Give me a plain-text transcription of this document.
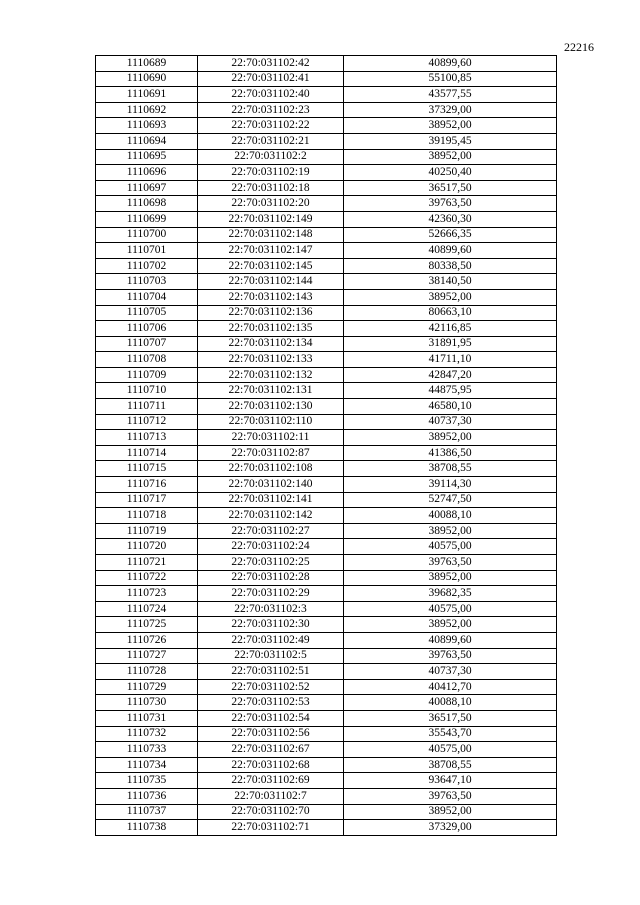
22216
1110689	22:70:031102:42	40899,60
1110690	22:70:031102:41	55100,85
1110691	22:70:031102:40	43577,55
1110692	22:70:031102:23	37329,00
1110693	22:70:031102:22	38952,00
1110694	22:70:031102:21	39195,45
1110695	22:70:031102:2	38952,00
1110696	22:70:031102:19	40250,40
1110697	22:70:031102:18	36517,50
1110698	22:70:031102:20	39763,50
1110699	22:70:031102:149	42360,30
1110700	22:70:031102:148	52666,35
1110701	22:70:031102:147	40899,60
1110702	22:70:031102:145	80338,50
1110703	22:70:031102:144	38140,50
1110704	22:70:031102:143	38952,00
1110705	22:70:031102:136	80663,10
1110706	22:70:031102:135	42116,85
1110707	22:70:031102:134	31891,95
1110708	22:70:031102:133	41711,10
1110709	22:70:031102:132	42847,20
1110710	22:70:031102:131	44875,95
1110711	22:70:031102:130	46580,10
1110712	22:70:031102:110	40737,30
1110713	22:70:031102:11	38952,00
1110714	22:70:031102:87	41386,50
1110715	22:70:031102:108	38708,55
1110716	22:70:031102:140	39114,30
1110717	22:70:031102:141	52747,50
1110718	22:70:031102:142	40088,10
1110719	22:70:031102:27	38952,00
1110720	22:70:031102:24	40575,00
1110721	22:70:031102:25	39763,50
1110722	22:70:031102:28	38952,00
1110723	22:70:031102:29	39682,35
1110724	22:70:031102:3	40575,00
1110725	22:70:031102:30	38952,00
1110726	22:70:031102:49	40899,60
1110727	22:70:031102:5	39763,50
1110728	22:70:031102:51	40737,30
1110729	22:70:031102:52	40412,70
1110730	22:70:031102:53	40088,10
1110731	22:70:031102:54	36517,50
1110732	22:70:031102:56	35543,70
1110733	22:70:031102:67	40575,00
1110734	22:70:031102:68	38708,55
1110735	22:70:031102:69	93647,10
1110736	22:70:031102:7	39763,50
1110737	22:70:031102:70	38952,00
1110738	22:70:031102:71	37329,00
